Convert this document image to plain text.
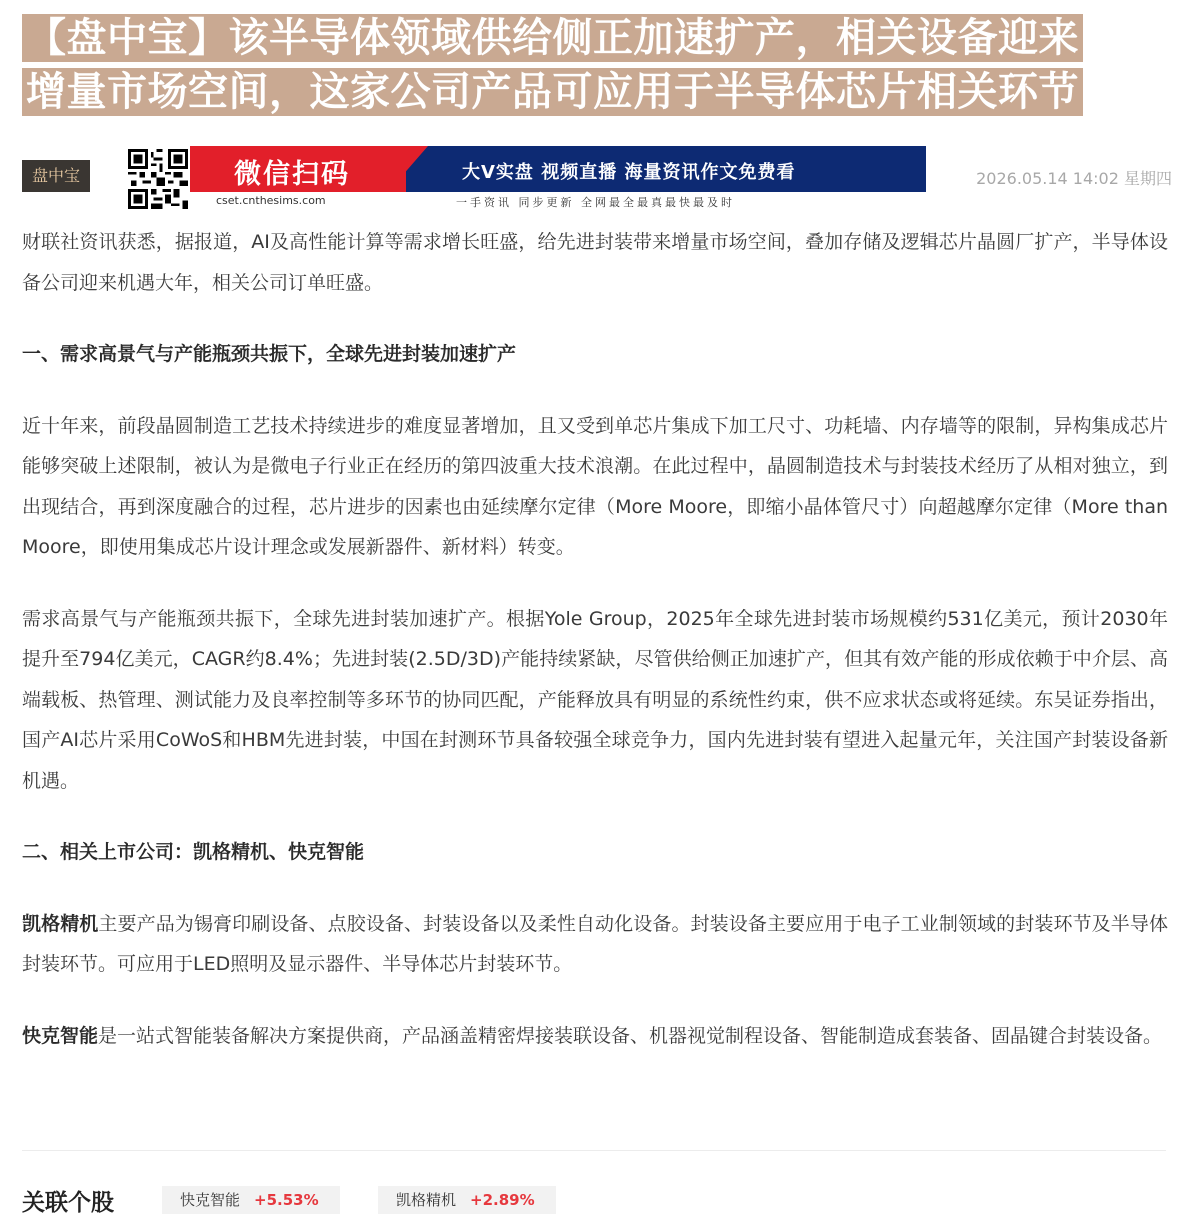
【盘中宝】该半导体领域供给侧正加速扩产，相关设备迎来
增量市场空间，这家公司产品可应用于半导体芯片相关环节
盘中宝	微信扫码	大V实盘 视频直播 海量资讯作文免费看
cset.cnthesims.com	一手资讯 同步更新 全网最全最真最快最及时
2026.05.14 14:02 星期四

财联社资讯获悉，据报道，AI及高性能计算等需求增长旺盛，给先进封装带来增量市场空间，叠加存储及逻辑芯片晶圆厂扩产，半导体设备公司迎来机遇大年，相关公司订单旺盛。

一、需求高景气与产能瓶颈共振下，全球先进封装加速扩产

近十年来，前段晶圆制造工艺技术持续进步的难度显著增加，且又受到单芯片集成下加工尺寸、功耗墙、内存墙等的限制，异构集成芯片能够突破上述限制，被认为是微电子行业正在经历的第四波重大技术浪潮。在此过程中，晶圆制造技术与封装技术经历了从相对独立，到出现结合，再到深度融合的过程，芯片进步的因素也由延续摩尔定律（More Moore，即缩小晶体管尺寸）向超越摩尔定律（More than Moore，即使用集成芯片设计理念或发展新器件、新材料）转变。

需求高景气与产能瓶颈共振下，全球先进封装加速扩产。根据Yole Group，2025年全球先进封装市场规模约531亿美元，预计2030年提升至794亿美元，CAGR约8.4%；先进封装(2.5D/3D)产能持续紧缺，尽管供给侧正加速扩产，但其有效产能的形成依赖于中介层、高端载板、热管理、测试能力及良率控制等多环节的协同匹配，产能释放具有明显的系统性约束，供不应求状态或将延续。东吴证券指出，国产AI芯片采用CoWoS和HBM先进封装，中国在封测环节具备较强全球竞争力，国内先进封装有望进入起量元年，关注国产封装设备新机遇。

二、相关上市公司：凯格精机、快克智能

凯格精机主要产品为锡膏印刷设备、点胶设备、封装设备以及柔性自动化设备。封装设备主要应用于电子工业制领域的封装环节及半导体封装环节。可应用于LED照明及显示器件、半导体芯片封装环节。

快克智能是一站式智能装备解决方案提供商，产品涵盖精密焊接装联设备、机器视觉制程设备、智能制造成套装备、固晶键合封装设备。

关联个股	快克智能 +5.53%	凯格精机 +2.89%
